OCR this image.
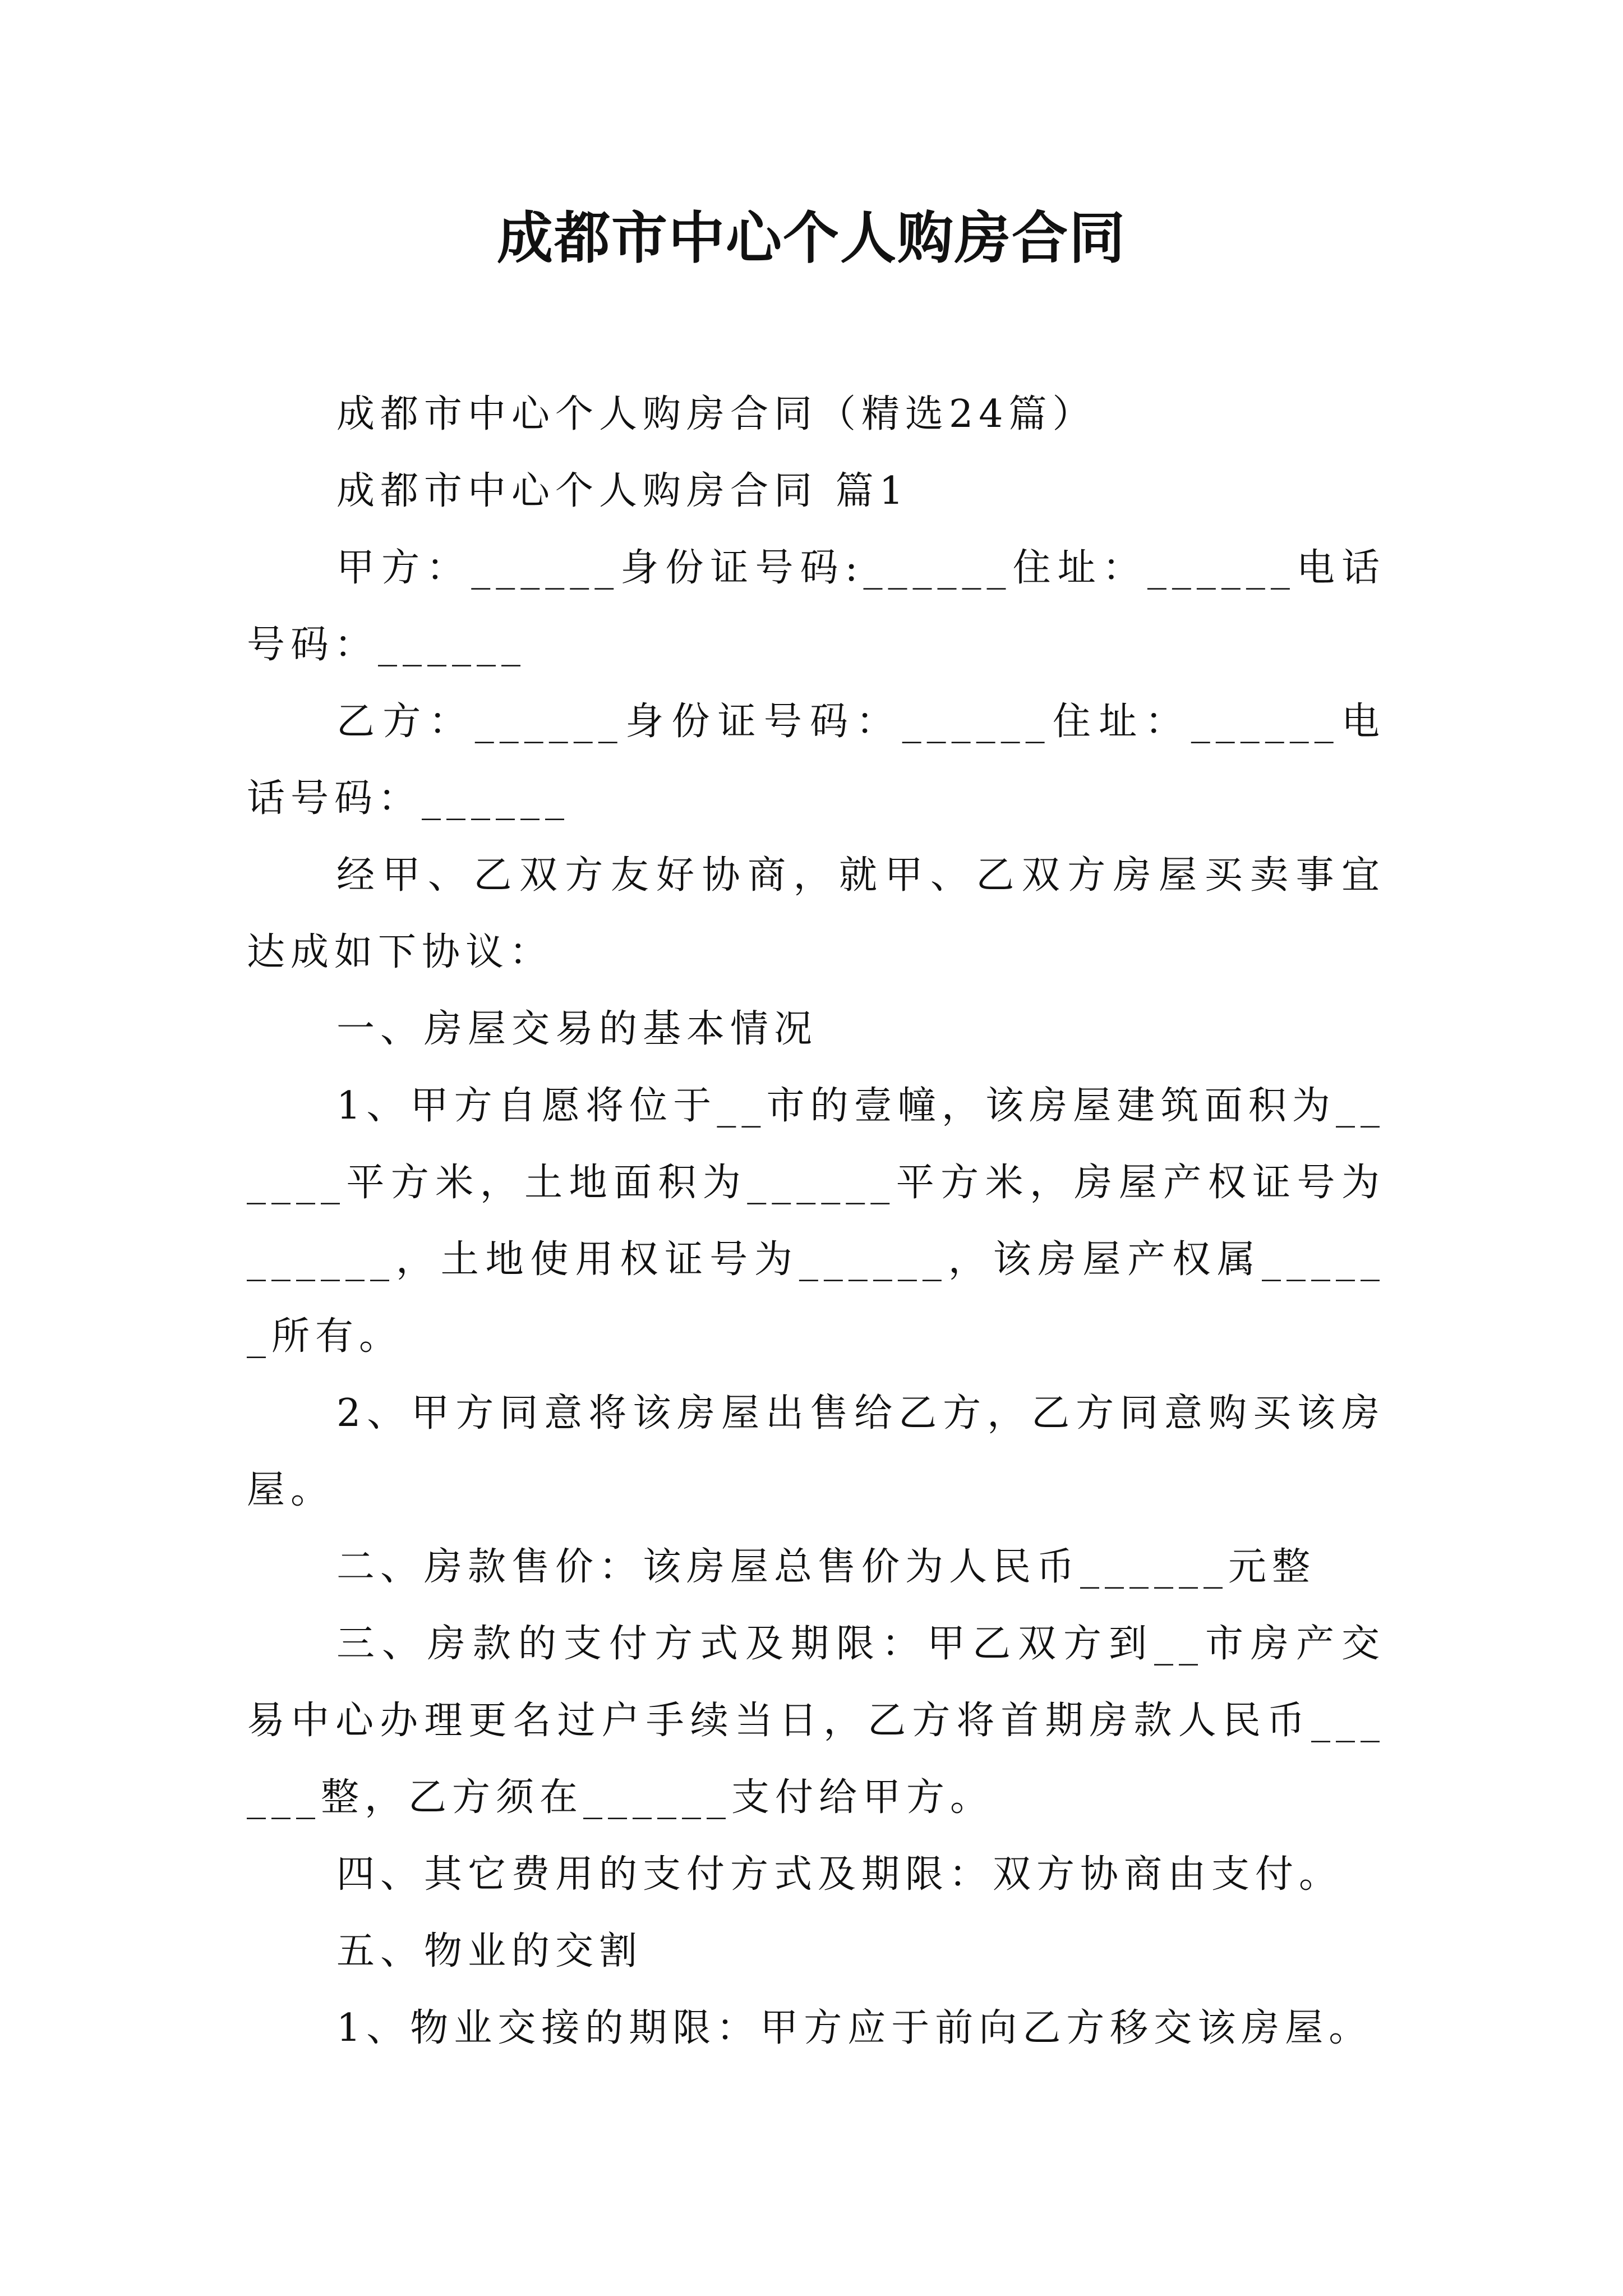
成都市中心个人购房合同

成都市中心个人购房合同（精选24篇）

成都市中心个人购房合同 篇1

甲方：______身份证号码:______住址：______电话号码：______

乙方：______身份证号码：______住址：______电话号码：______

经甲、乙双方友好协商，就甲、乙双方房屋买卖事宜达成如下协议：

一、房屋交易的基本情况

1、甲方自愿将位于__市的壹幢，该房屋建筑面积为______平方米，土地面积为______平方米，房屋产权证号为______，土地使用权证号为______，该房屋产权属______所有。

2、甲方同意将该房屋出售给乙方，乙方同意购买该房屋。

二、房款售价：该房屋总售价为人民币______元整

三、房款的支付方式及期限：甲乙双方到__市房产交易中心办理更名过户手续当日，乙方将首期房款人民币______整，乙方须在______支付给甲方。

四、其它费用的支付方式及期限：双方协商由支付。

五、物业的交割

1、物业交接的期限：甲方应于前向乙方移交该房屋。
